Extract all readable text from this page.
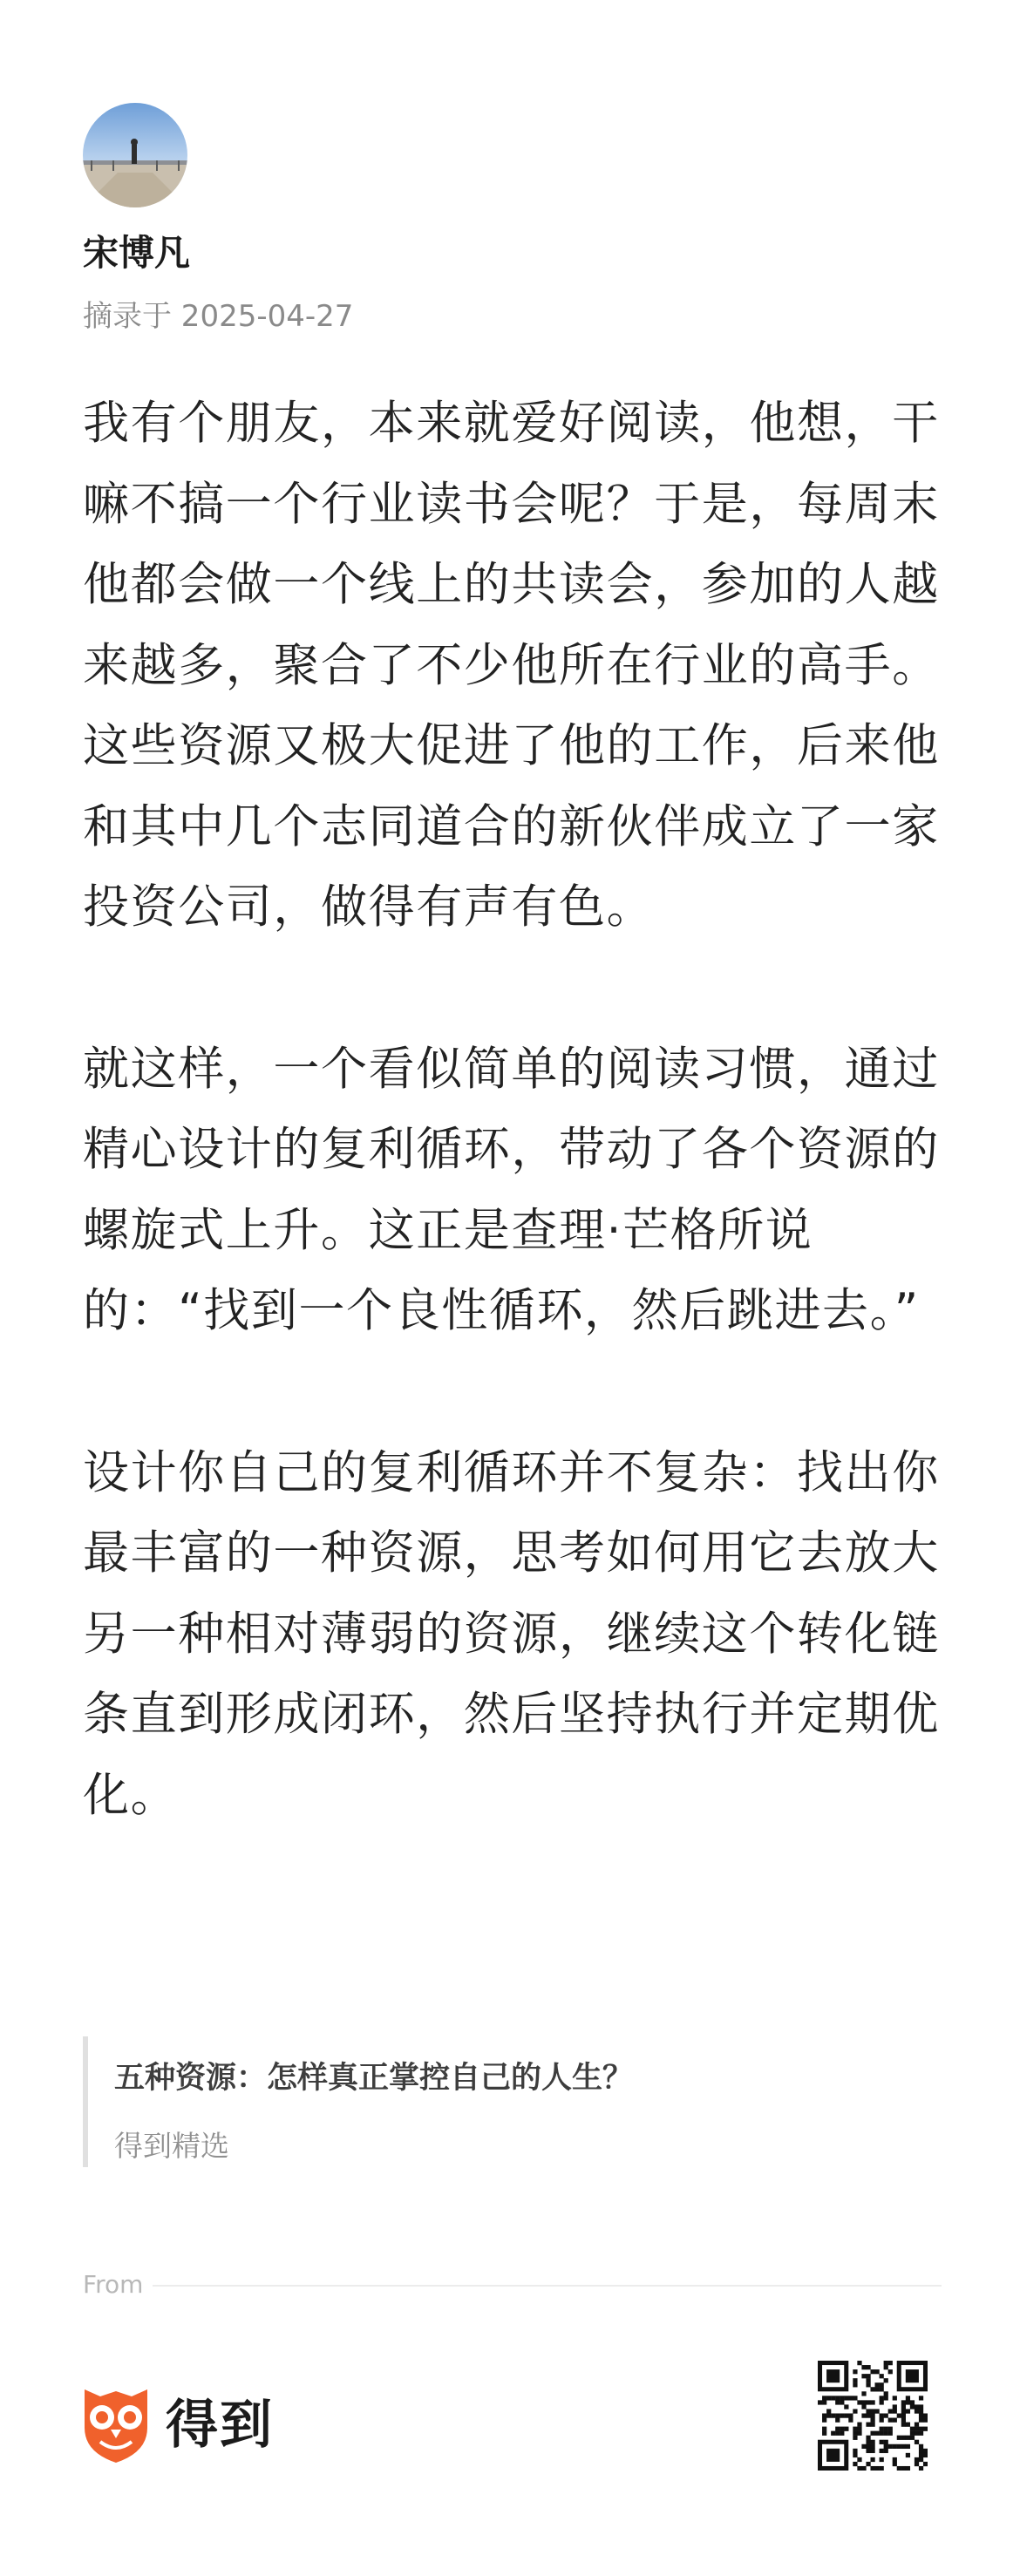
宋博凡
摘录于 2025-04-27

我有个朋友，本来就爱好阅读，他想，干嘛不搞一个行业读书会呢？于是，每周末他都会做一个线上的共读会，参加的人越来越多，聚合了不少他所在行业的高手。这些资源又极大促进了他的工作，后来他和其中几个志同道合的新伙伴成立了一家投资公司，做得有声有色。

就这样，一个看似简单的阅读习惯，通过精心设计的复利循环，带动了各个资源的螺旋式上升。这正是查理·芒格所说的：“找到一个良性循环，然后跳进去。”

设计你自己的复利循环并不复杂：找出你最丰富的一种资源，思考如何用它去放大另一种相对薄弱的资源，继续这个转化链条直到形成闭环，然后坚持执行并定期优化。

五种资源：怎样真正掌控自己的人生？
得到精选
From
得到
